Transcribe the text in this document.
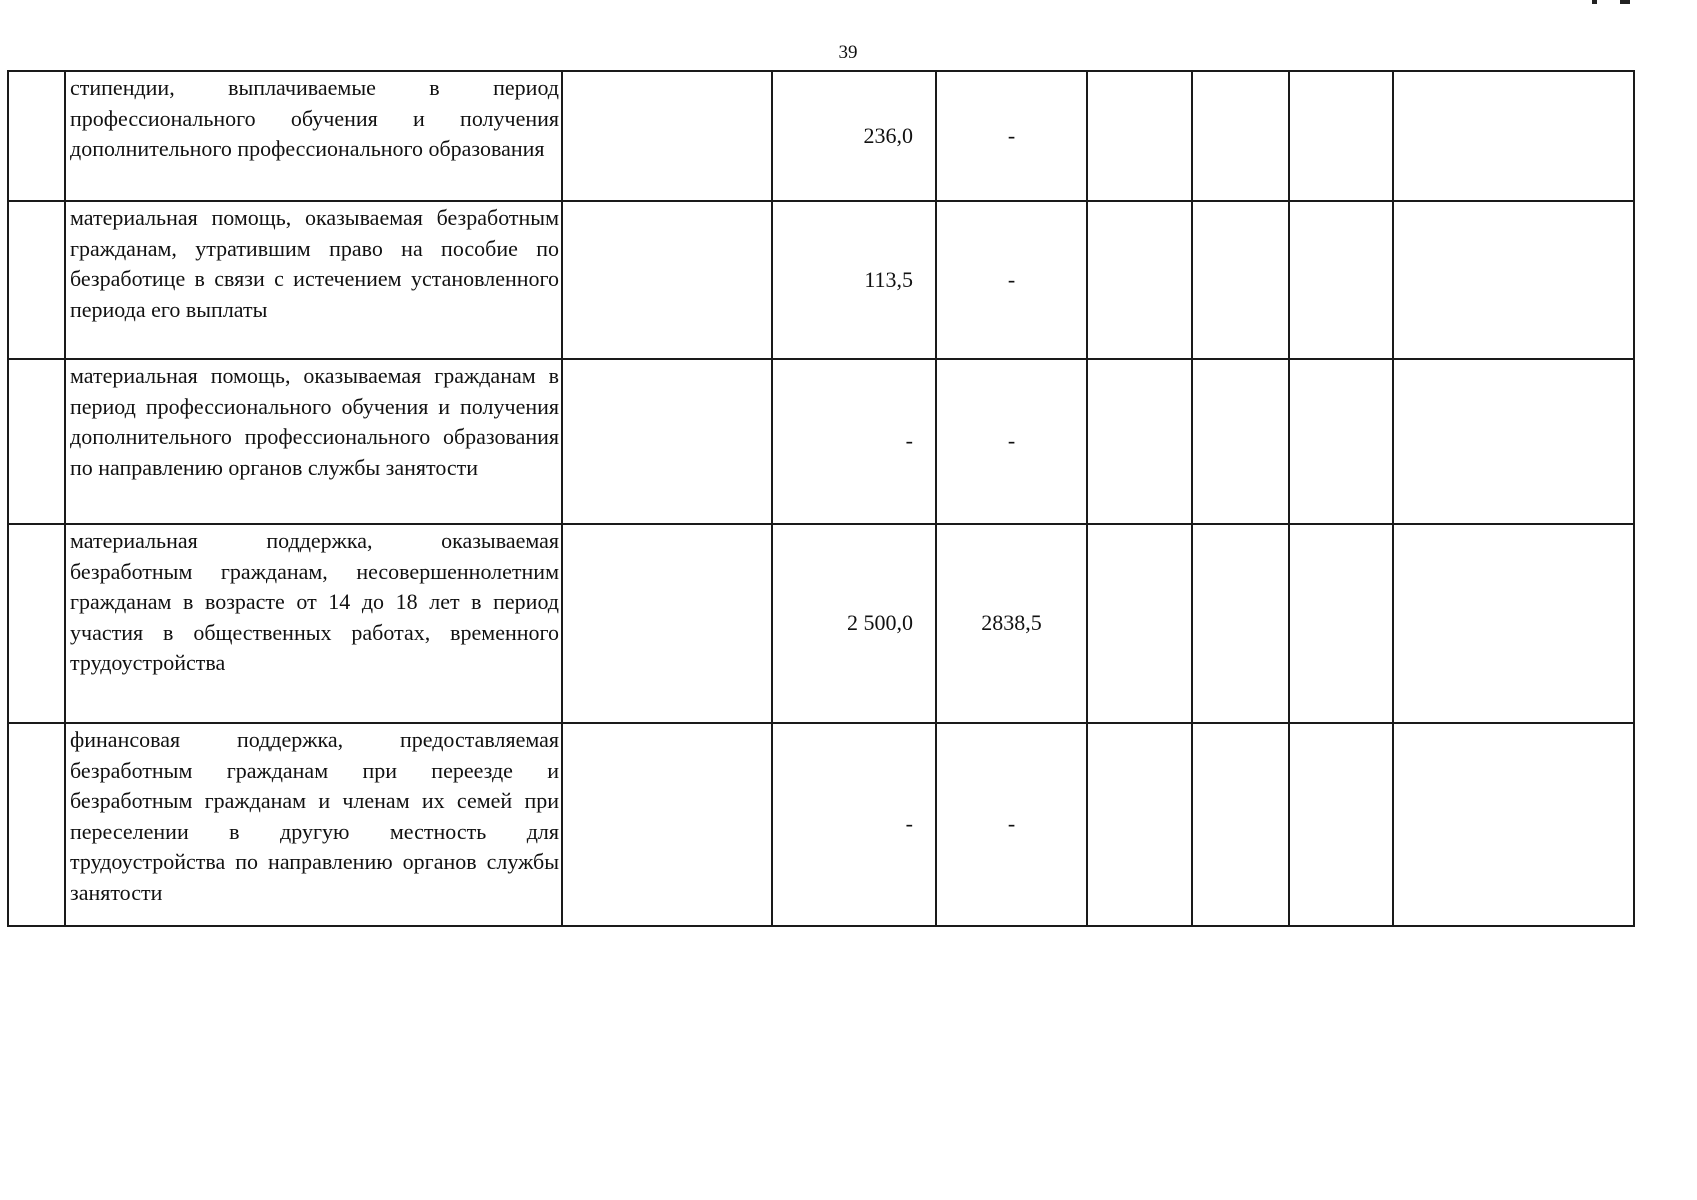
39
	стипендии, выплачиваемые в период профессионального обучения и получения дополнительного профессионального образования		236,0	-				
	материальная помощь, оказываемая безработным гражданам, утратившим право на пособие по безработице в связи с истечением установленного периода его выплаты		113,5	-				
	материальная помощь, оказываемая гражданам в период профессионального обучения и получения дополнительного профессионального образования по направлению органов службы занятости		-	-				
	материальная поддержка, оказываемая безработным гражданам, несовершеннолетним гражданам в возрасте от 14 до 18 лет в период участия в общественных работах, временного трудоустройства		2 500,0	2838,5				
	финансовая поддержка, предоставляемая безработным гражданам при переезде и безработным гражданам и членам их семей при переселении в другую местность для трудоустройства по направлению органов службы занятости		-	-				
